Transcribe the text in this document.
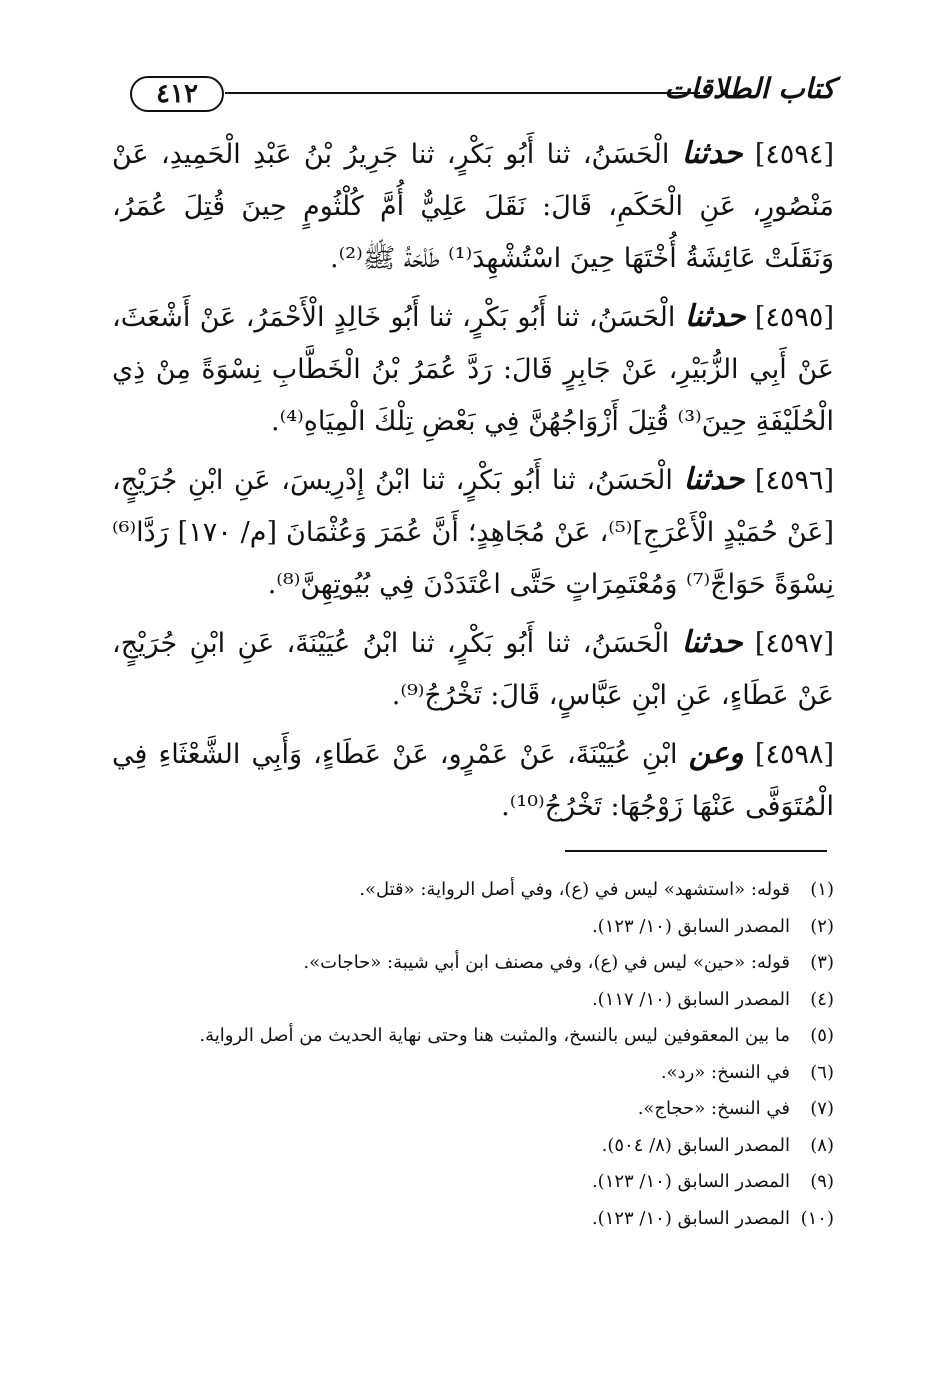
٤١٢	كتاب الطلاقات

[٤٥٩٤] حدثنا الْحَسَنُ، ثنا أَبُو بَكْرٍ، ثنا جَرِيرُ بْنُ عَبْدِ الْحَمِيدِ، عَنْ مَنْصُورٍ، عَنِ الْحَكَمِ، قَالَ: نَقَلَ عَلِيٌّ أُمَّ كُلْثُومٍ حِينَ قُتِلَ عُمَرُ، وَنَقَلَتْ عَائِشَةُ أُخْتَهَا حِينَ اسْتُشْهِدَ⁽¹⁾ طَلْحَةُ ﷺ⁽²⁾.

[٤٥٩٥] حدثنا الْحَسَنُ، ثنا أَبُو بَكْرٍ، ثنا أَبُو خَالِدٍ الْأَحْمَرُ، عَنْ أَشْعَثَ، عَنْ أَبِي الزُّبَيْرِ، عَنْ جَابِرٍ قَالَ: رَدَّ عُمَرُ بْنُ الْخَطَّابِ نِسْوَةً مِنْ ذِي الْحُلَيْفَةِ حِينَ⁽³⁾ قُتِلَ أَزْوَاجُهُنَّ فِي بَعْضِ تِلْكَ الْمِيَاهِ⁽⁴⁾.

[٤٥٩٦] حدثنا الْحَسَنُ، ثنا أَبُو بَكْرٍ، ثنا ابْنُ إِدْرِيسَ، عَنِ ابْنِ جُرَيْجٍ، [عَنْ حُمَيْدٍ الْأَعْرَجِ]⁽⁵⁾، عَنْ مُجَاهِدٍ؛ أَنَّ عُمَرَ وَعُثْمَانَ [م/ ١٧٠] رَدَّا⁽⁶⁾ نِسْوَةً حَوَاجَّ⁽⁷⁾ وَمُعْتَمِرَاتٍ حَتَّى اعْتَدَدْنَ فِي بُيُوتِهِنَّ⁽⁸⁾.

[٤٥٩٧] حدثنا الْحَسَنُ، ثنا أَبُو بَكْرٍ، ثنا ابْنُ عُيَيْنَةَ، عَنِ ابْنِ جُرَيْجٍ، عَنْ عَطَاءٍ، عَنِ ابْنِ عَبَّاسٍ، قَالَ: تَخْرُجُ⁽⁹⁾.

[٤٥٩٨] وعن ابْنِ عُيَيْنَةَ، عَنْ عَمْرٍو، عَنْ عَطَاءٍ، وَأَبِي الشَّعْثَاءِ فِي الْمُتَوَفَّى عَنْهَا زَوْجُهَا: تَخْرُجُ⁽¹⁰⁾.

(١)قوله: «استشهد» ليس في (ع)، وفي أصل الرواية: «قتل».
(٢)المصدر السابق (١٠/ ١٢٣).
(٣)قوله: «حين» ليس في (ع)، وفي مصنف ابن أبي شيبة: «حاجات».
(٤)المصدر السابق (١٠/ ١١٧).
(٥)ما بين المعقوفين ليس بالنسخ، والمثبت هنا وحتى نهاية الحديث من أصل الرواية.
(٦)في النسخ: «رد».
(٧)في النسخ: «حجاج».
(٨)المصدر السابق (٨/ ٥٠٤).
(٩)المصدر السابق (١٠/ ١٢٣).
(١٠)المصدر السابق (١٠/ ١٢٣).
